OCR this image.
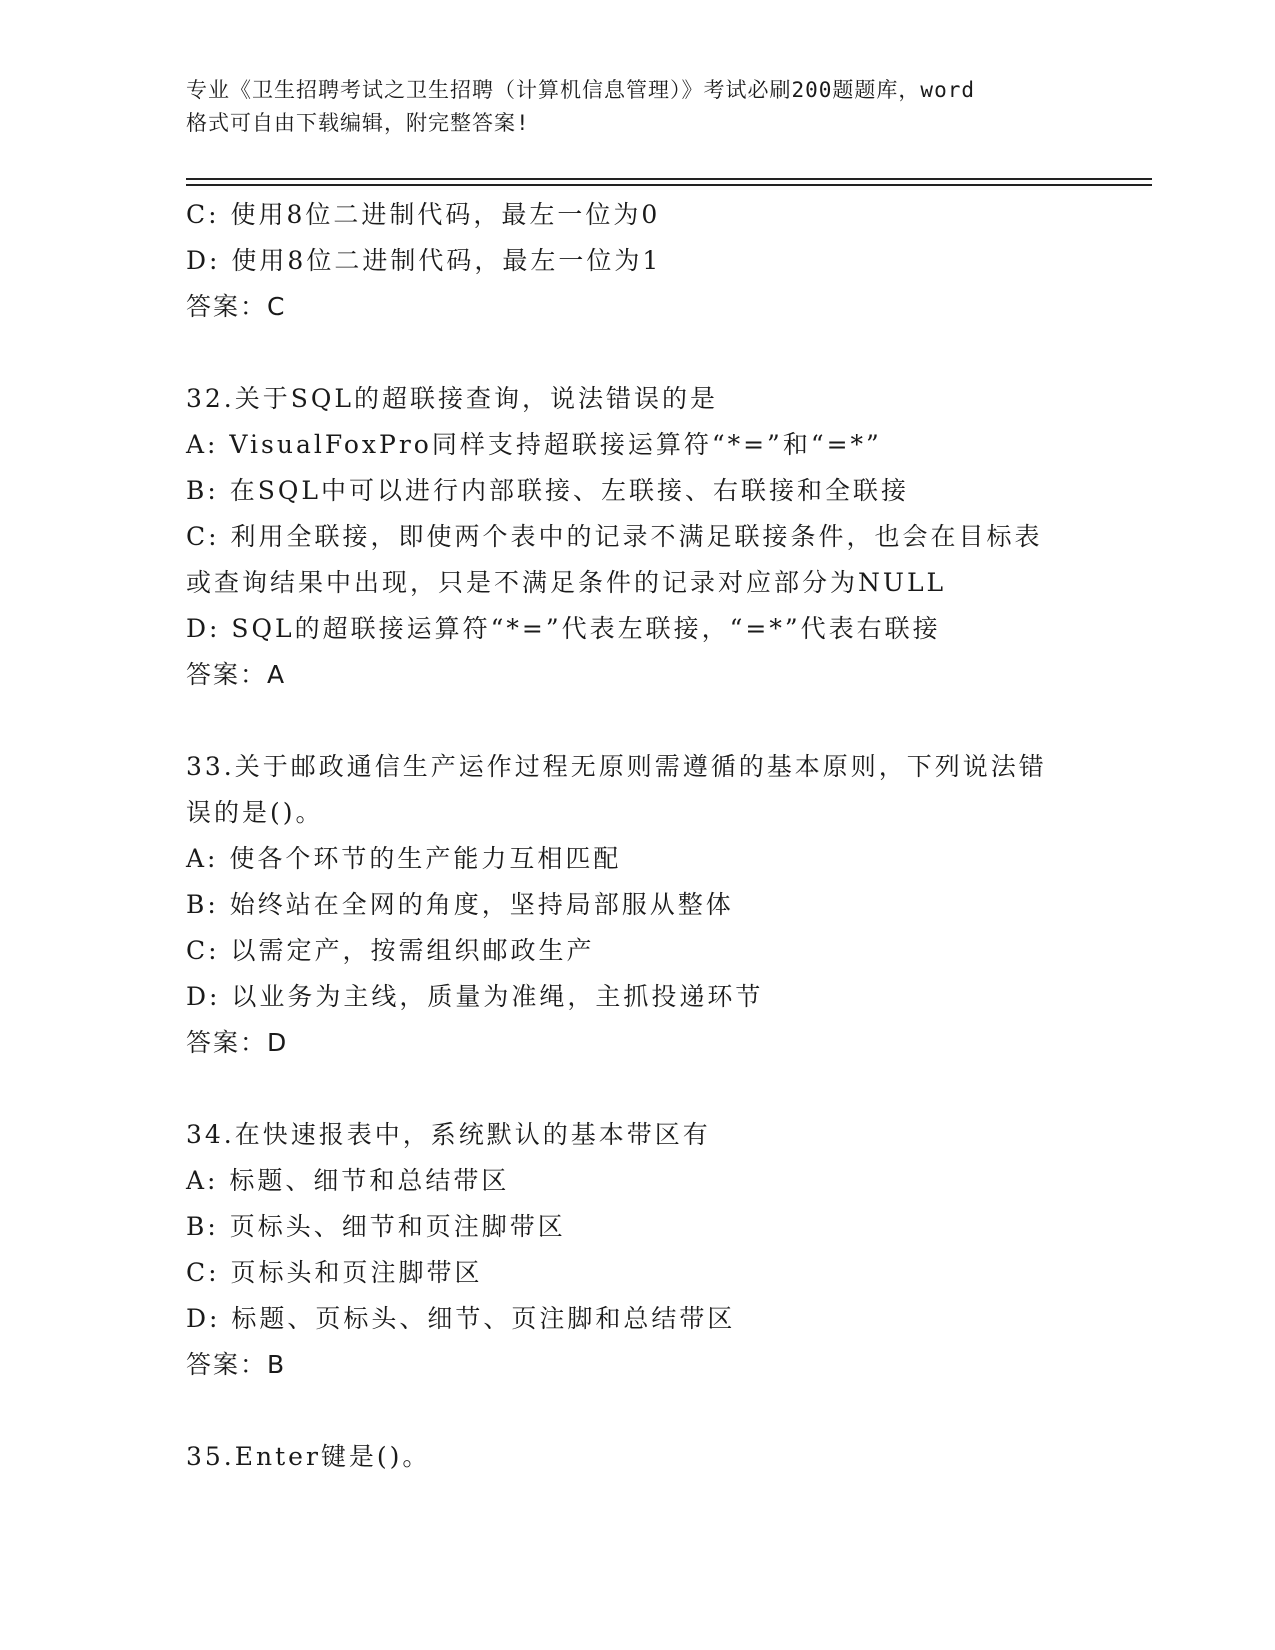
专业《卫生招聘考试之卫生招聘（计算机信息管理）》考试必刷200题题库，word
格式可自由下载编辑，附完整答案!
C: 使用8位二进制代码，最左一位为0
D: 使用8位二进制代码，最左一位为1
答案：C
32.关于SQL的超联接查询，说法错误的是
A: VisualFoxPro同样支持超联接运算符“*=”和“=*”
B: 在SQL中可以进行内部联接、左联接、右联接和全联接
C: 利用全联接，即使两个表中的记录不满足联接条件，也会在目标表
或查询结果中出现，只是不满足条件的记录对应部分为NULL
D: SQL的超联接运算符“*=”代表左联接，“=*”代表右联接
答案：A
33.关于邮政通信生产运作过程无原则需遵循的基本原则，下列说法错
误的是()。
A: 使各个环节的生产能力互相匹配
B: 始终站在全网的角度，坚持局部服从整体
C: 以需定产，按需组织邮政生产
D: 以业务为主线，质量为准绳，主抓投递环节
答案：D
34.在快速报表中，系统默认的基本带区有
A: 标题、细节和总结带区
B: 页标头、细节和页注脚带区
C: 页标头和页注脚带区
D: 标题、页标头、细节、页注脚和总结带区
答案：B
35.Enter键是()。
